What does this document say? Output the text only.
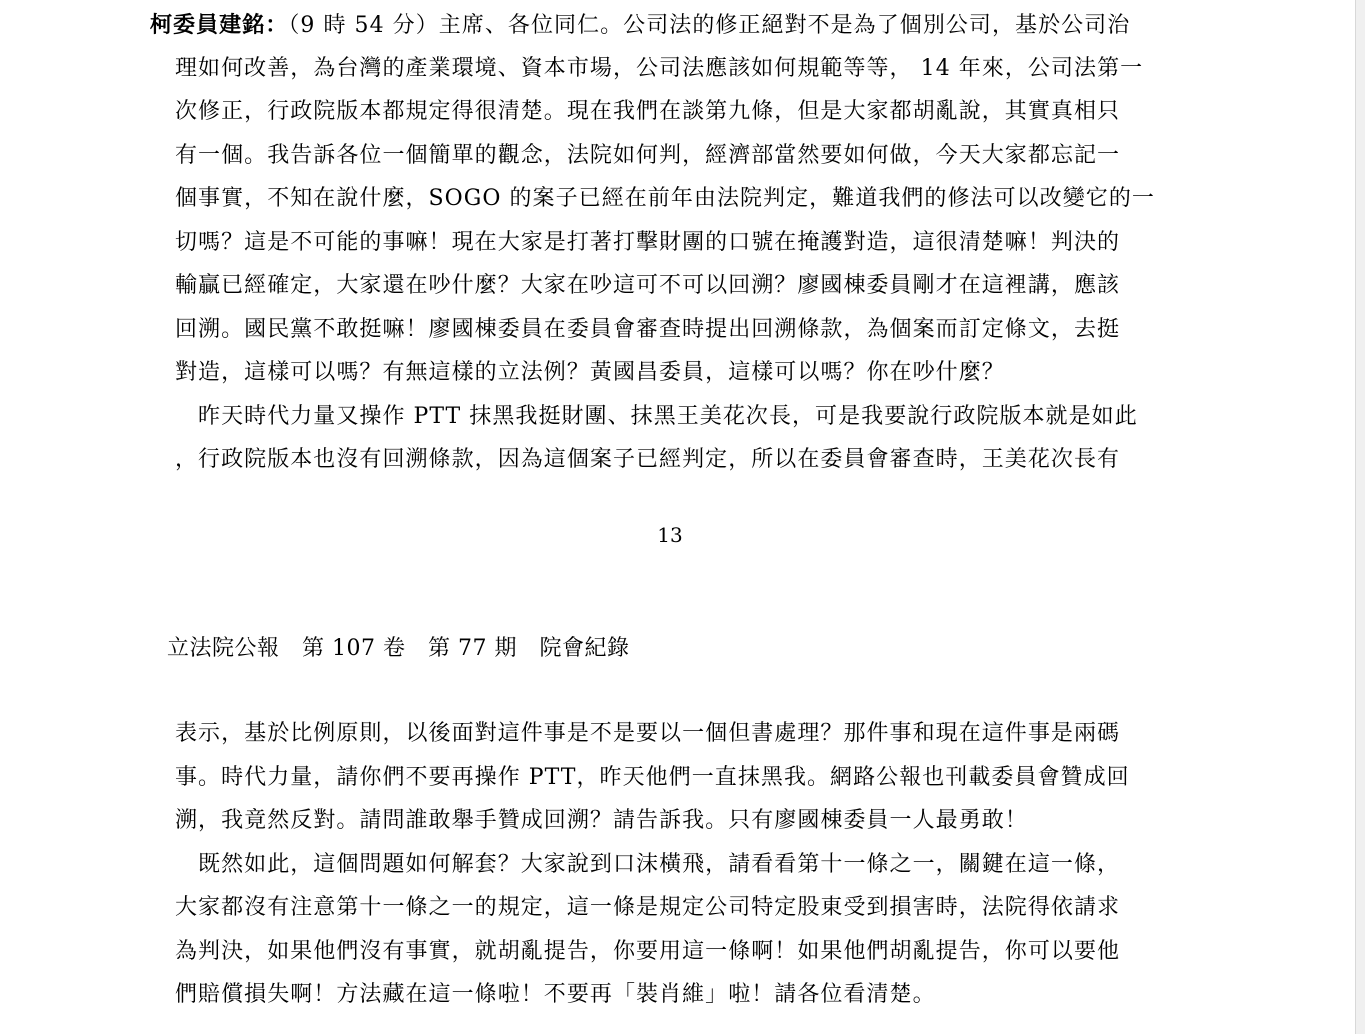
柯委員建銘：（9 時 54 分）主席、各位同仁。公司法的修正絕對不是為了個別公司，基於公司治
理如何改善，為台灣的產業環境、資本市場，公司法應該如何規範等等， 14 年來，公司法第一
次修正，行政院版本都規定得很清楚。現在我們在談第九條，但是大家都胡亂說，其實真相只
有一個。我告訴各位一個簡單的觀念，法院如何判，經濟部當然要如何做，今天大家都忘記一
個事實，不知在說什麼，SOGO 的案子已經在前年由法院判定，難道我們的修法可以改變它的一
切嗎？這是不可能的事嘛！現在大家是打著打擊財團的口號在掩護對造，這很清楚嘛！判決的
輸贏已經確定，大家還在吵什麼？大家在吵這可不可以回溯？廖國棟委員剛才在這裡講，應該
回溯。國民黨不敢挺嘛！廖國棟委員在委員會審查時提出回溯條款，為個案而訂定條文，去挺
對造，這樣可以嗎？有無這樣的立法例？黃國昌委員，這樣可以嗎？你在吵什麼？
　昨天時代力量又操作 PTT 抹黑我挺財團、抹黑王美花次長，可是我要說行政院版本就是如此
，行政院版本也沒有回溯條款，因為這個案子已經判定，所以在委員會審查時，王美花次長有
13
立法院公報　第 107 卷　第 77 期　院會紀錄
表示，基於比例原則，以後面對這件事是不是要以一個但書處理？那件事和現在這件事是兩碼
事。時代力量，請你們不要再操作 PTT，昨天他們一直抹黑我。網路公報也刊載委員會贊成回
溯，我竟然反對。請問誰敢舉手贊成回溯？請告訴我。只有廖國棟委員一人最勇敢！
　既然如此，這個問題如何解套？大家說到口沫橫飛，請看看第十一條之一，關鍵在這一條，
大家都沒有注意第十一條之一的規定，這一條是規定公司特定股東受到損害時，法院得依請求
為判決，如果他們沒有事實，就胡亂提告，你要用這一條啊！如果他們胡亂提告，你可以要他
們賠償損失啊！方法藏在這一條啦！不要再「裝肖維」啦！請各位看清楚。
